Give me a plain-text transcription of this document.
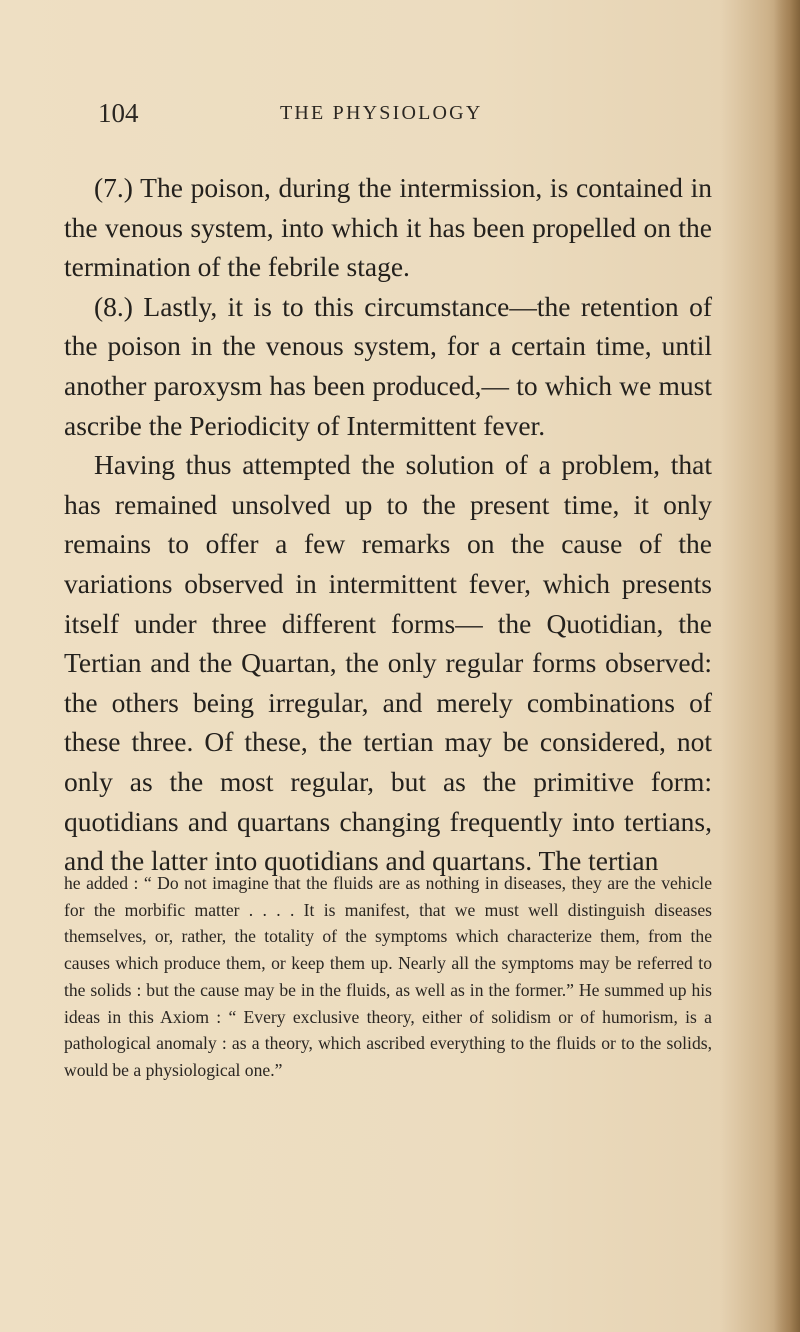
104	THE PHYSIOLOGY

(7.) The poison, during the intermission, is contained in the venous system, into which it has been propelled on the termination of the febrile stage.

(8.) Lastly, it is to this circumstance—the retention of the poison in the venous system, for a certain time, until another paroxysm has been produced,— to which we must ascribe the Periodicity of Intermittent fever.

Having thus attempted the solution of a problem, that has remained unsolved up to the present time, it only remains to offer a few remarks on the cause of the variations observed in intermittent fever, which presents itself under three different forms— the Quotidian, the Tertian and the Quartan, the only regular forms observed: the others being irregular, and merely combinations of these three. Of these, the tertian may be considered, not only as the most regular, but as the primitive form: quotidians and quartans changing frequently into tertians, and the latter into quotidians and quartans. The tertian

he added : “ Do not imagine that the fluids are as nothing in diseases, they are the vehicle for the morbific matter . . . . It is manifest, that we must well distinguish diseases themselves, or, rather, the totality of the symptoms which characterize them, from the causes which produce them, or keep them up. Nearly all the symptoms may be referred to the solids : but the cause may be in the fluids, as well as in the former.” He summed up his ideas in this Axiom : “ Every exclusive theory, either of solidism or of humorism, is a pathological anomaly : as a theory, which ascribed everything to the fluids or to the solids, would be a physiological one.”
